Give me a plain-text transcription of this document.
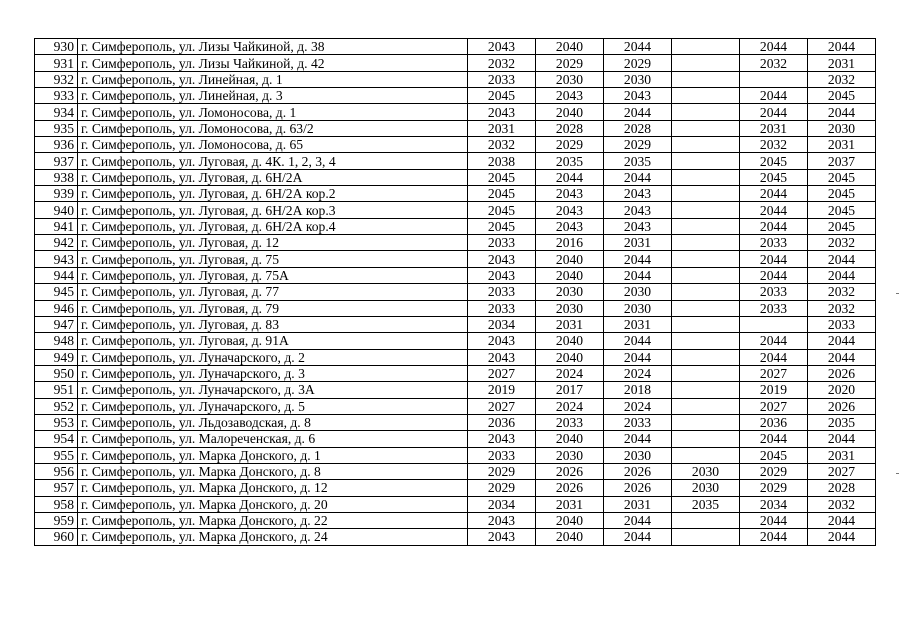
930	г. Симферополь, ул. Лизы Чайкиной, д. 38	2043	2040	2044		2044	2044
931	г. Симферополь, ул. Лизы Чайкиной, д. 42	2032	2029	2029		2032	2031
932	г. Симферополь, ул. Линейная, д. 1	2033	2030	2030			2032
933	г. Симферополь, ул. Линейная, д. 3	2045	2043	2043		2044	2045
934	г. Симферополь, ул. Ломоносова, д. 1	2043	2040	2044		2044	2044
935	г. Симферополь, ул. Ломоносова, д. 63/2	2031	2028	2028		2031	2030
936	г. Симферополь, ул. Ломоносова, д. 65	2032	2029	2029		2032	2031
937	г. Симферополь, ул. Луговая, д. 4К. 1, 2, 3, 4	2038	2035	2035		2045	2037
938	г. Симферополь, ул. Луговая, д. 6Н/2А	2045	2044	2044		2045	2045
939	г. Симферополь, ул. Луговая, д. 6Н/2А кор.2	2045	2043	2043		2044	2045
940	г. Симферополь, ул. Луговая, д. 6Н/2А кор.3	2045	2043	2043		2044	2045
941	г. Симферополь, ул. Луговая, д. 6Н/2А кор.4	2045	2043	2043		2044	2045
942	г. Симферополь, ул. Луговая, д. 12	2033	2016	2031		2033	2032
943	г. Симферополь, ул. Луговая, д. 75	2043	2040	2044		2044	2044
944	г. Симферополь, ул. Луговая, д. 75А	2043	2040	2044		2044	2044
945	г. Симферополь, ул. Луговая, д. 77	2033	2030	2030		2033	2032
946	г. Симферополь, ул. Луговая, д. 79	2033	2030	2030		2033	2032
947	г. Симферополь, ул. Луговая, д. 83	2034	2031	2031			2033
948	г. Симферополь, ул. Луговая, д. 91А	2043	2040	2044		2044	2044
949	г. Симферополь, ул. Луначарского, д. 2	2043	2040	2044		2044	2044
950	г. Симферополь, ул. Луначарского, д. 3	2027	2024	2024		2027	2026
951	г. Симферополь, ул. Луначарского, д. 3А	2019	2017	2018		2019	2020
952	г. Симферополь, ул. Луначарского, д. 5	2027	2024	2024		2027	2026
953	г. Симферополь, ул. Льдозаводская, д. 8	2036	2033	2033		2036	2035
954	г. Симферополь, ул. Малореченская, д. 6	2043	2040	2044		2044	2044
955	г. Симферополь, ул. Марка Донского, д. 1	2033	2030	2030		2045	2031
956	г. Симферополь, ул. Марка Донского, д. 8	2029	2026	2026	2030	2029	2027
957	г. Симферополь, ул. Марка Донского, д. 12	2029	2026	2026	2030	2029	2028
958	г. Симферополь, ул. Марка Донского, д. 20	2034	2031	2031	2035	2034	2032
959	г. Симферополь, ул. Марка Донского, д. 22	2043	2040	2044		2044	2044
960	г. Симферополь, ул. Марка Донского, д. 24	2043	2040	2044		2044	2044
